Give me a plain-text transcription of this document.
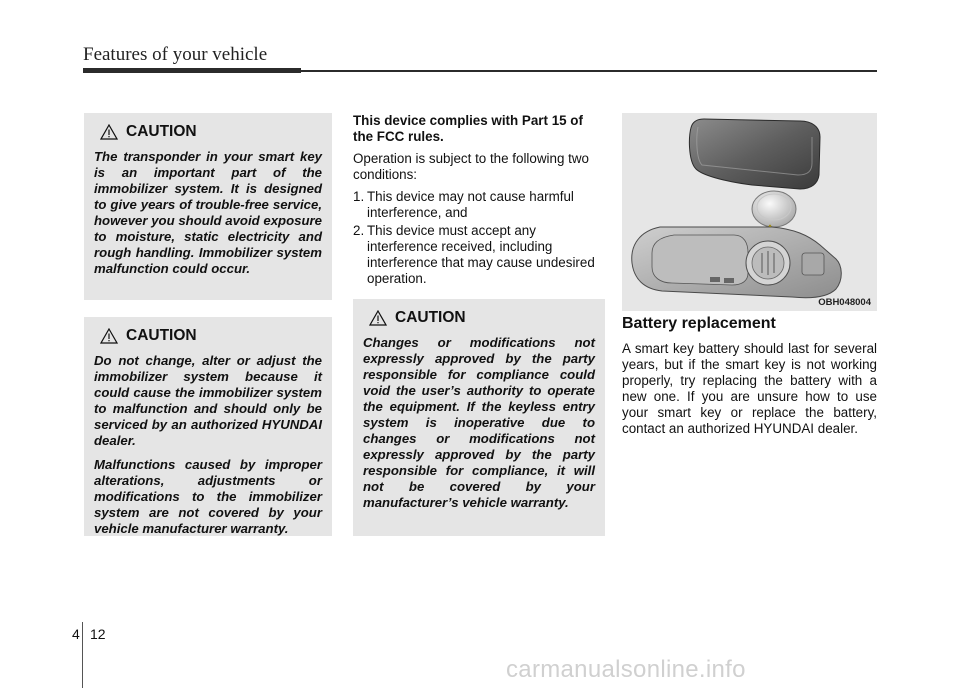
Features of your vehicle
CAUTION

The transponder in your smart key is an important part of the immobilizer system. It is designed to give years of trouble-free service, however you should avoid exposure to moisture, static electricity and rough handling. Immobilizer system malfunction could occur.

CAUTION

Do not change, alter or adjust the immobilizer system because it could cause the immobilizer system to malfunction and should only be serviced by an authorized HYUNDAI dealer.

Malfunctions caused by improper alterations, adjustments or modifications to the immobilizer system are not covered by your vehicle manufacturer warranty.

This device complies with Part 15 of the FCC rules.

Operation is subject to the following two conditions:

1. This device may not cause harmful interference, and
2. This device must accept any interference received, including interference that may cause undesired operation.
CAUTION

Changes or modifications not expressly approved by the party responsible for compliance could void the user’s authority to operate the equipment. If the keyless entry system is inoperative due to changes or modifications not expressly approved by the party responsible for compliance, it will not be covered by your manufacturer’s vehicle warranty.

OBH048004
Battery replacement
A smart key battery should last for several years, but if the smart key is not working properly, try replacing the battery with a new one. If you are unsure how to use your smart key or replace the battery, contact an authorized HYUNDAI dealer.
4 12
carmanualsonline.info
